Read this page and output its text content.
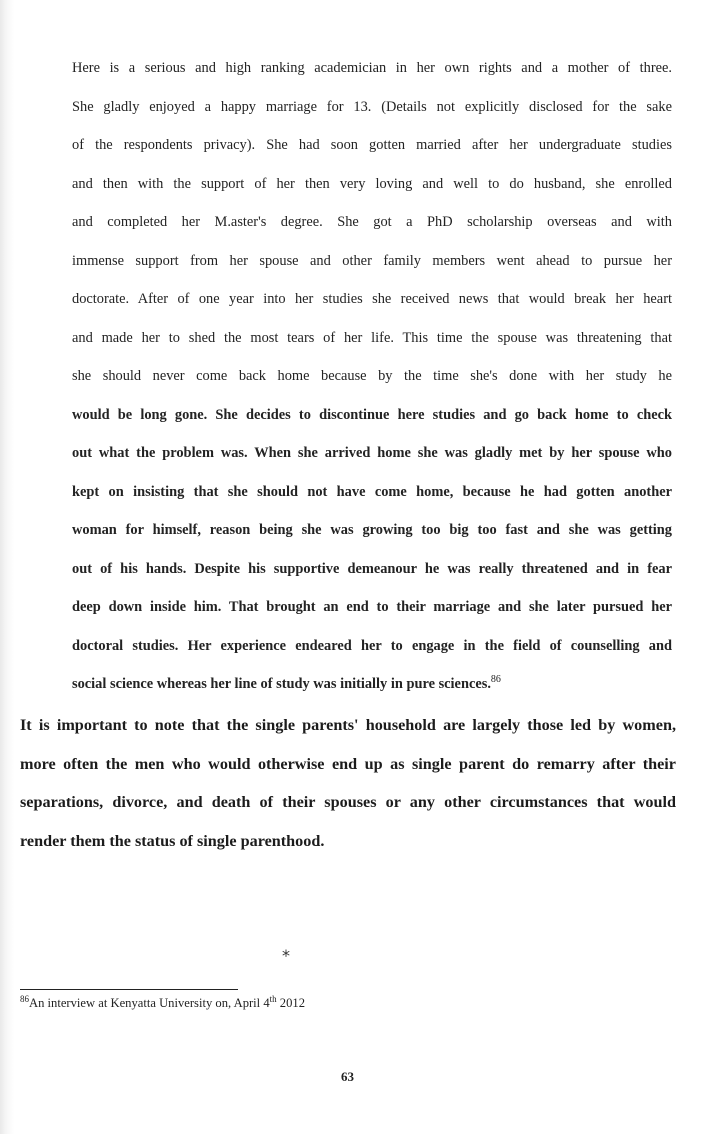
Here is a serious and high ranking academician in her own rights and a mother of three.
She gladly enjoyed a happy marriage for 13. (Details not explicitly disclosed for the sake
of the respondents privacy). She had soon gotten married after her undergraduate studies
and then with the support of her then very loving and well to do husband, she enrolled
and completed her M.aster's degree. She got a PhD scholarship overseas and with
immense support from her spouse and other family members went ahead to pursue her
doctorate. After of one year into her studies she received news that would break her heart
and made her to shed the most tears of her life. This time the spouse was threatening that
she should never come back home because by the time she's done with her study he
would be long gone. She decides to discontinue here studies and go back home to check
out what the problem was. When she arrived home she was gladly met by her spouse who
kept on insisting that she should not have come home, because he had gotten another
woman for himself, reason being she was growing too big too fast and she was getting
out of his hands. Despite his supportive demeanour he was really threatened and in fear
deep down inside him. That brought an end to their marriage and she later pursued her
doctoral studies. Her experience endeared her to engage in the field of counselling and
social science whereas her line of study was initially in pure sciences.$^{86}$
It is important to note that the single parents' household are largely those led by women,
more often the men who would otherwise end up as single parent do remarry after their
separations, divorce, and death of their spouses or any other circumstances that would
render them the status of single parenthood.
*
$^{86}$An interview at Kenyatta University on, April 4th 2012
63
